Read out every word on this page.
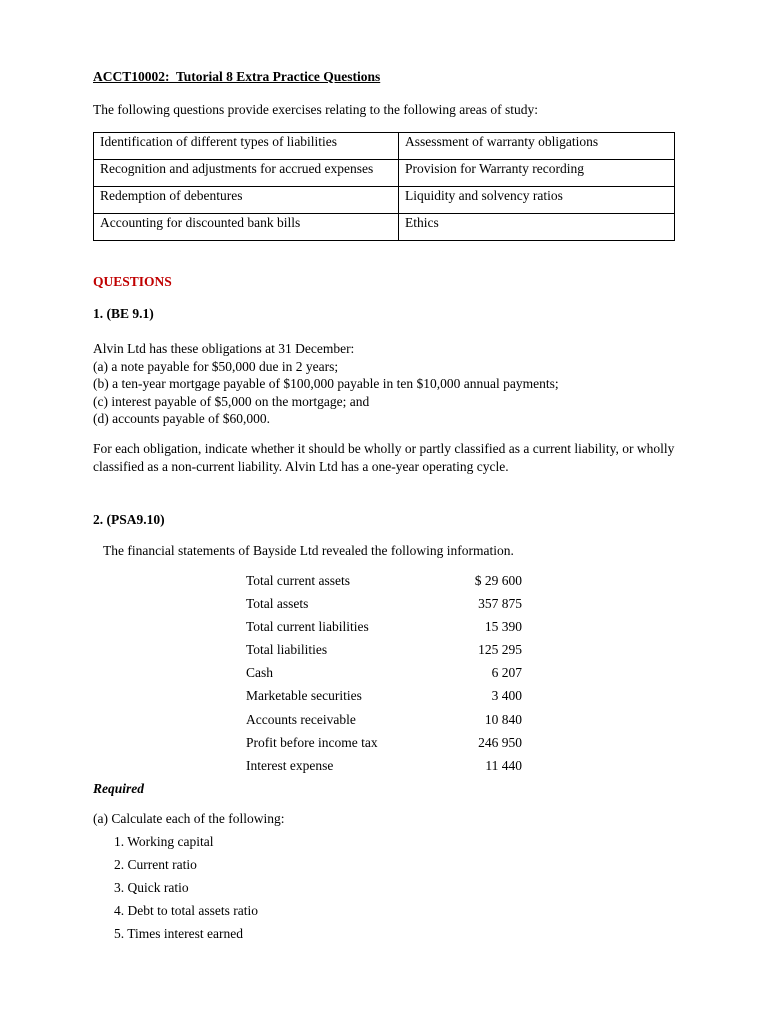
ACCT10002:  Tutorial 8 Extra Practice Questions
The following questions provide exercises relating to the following areas of study:
Identification of different types of liabilities	Assessment of warranty obligations
Recognition and adjustments for accrued expenses	Provision for Warranty recording
Redemption of debentures	Liquidity and solvency ratios
Accounting for discounted bank bills	Ethics
QUESTIONS
1. (BE 9.1)
Alvin Ltd has these obligations at 31 December:
(a) a note payable for $50,000 due in 2 years;
(b) a ten-year mortgage payable of $100,000 payable in ten $10,000 annual payments;
(c) interest payable of $5,000 on the mortgage; and
(d) accounts payable of $60,000.
For each obligation, indicate whether it should be wholly or partly classified as a current liability, or wholly classified as a non-current liability. Alvin Ltd has a one-year operating cycle.
2. (PSA9.10)
The financial statements of Bayside Ltd revealed the following information.
Total current assets	$ 29 600
Total assets	357 875
Total current liabilities	15 390
Total liabilities	125 295
Cash	6 207
Marketable securities	3 400
Accounts receivable	10 840
Profit before income tax	246 950
Interest expense	11 440
Required
(a) Calculate each of the following:
1. Working capital
2. Current ratio
3. Quick ratio
4. Debt to total assets ratio
5. Times interest earned
